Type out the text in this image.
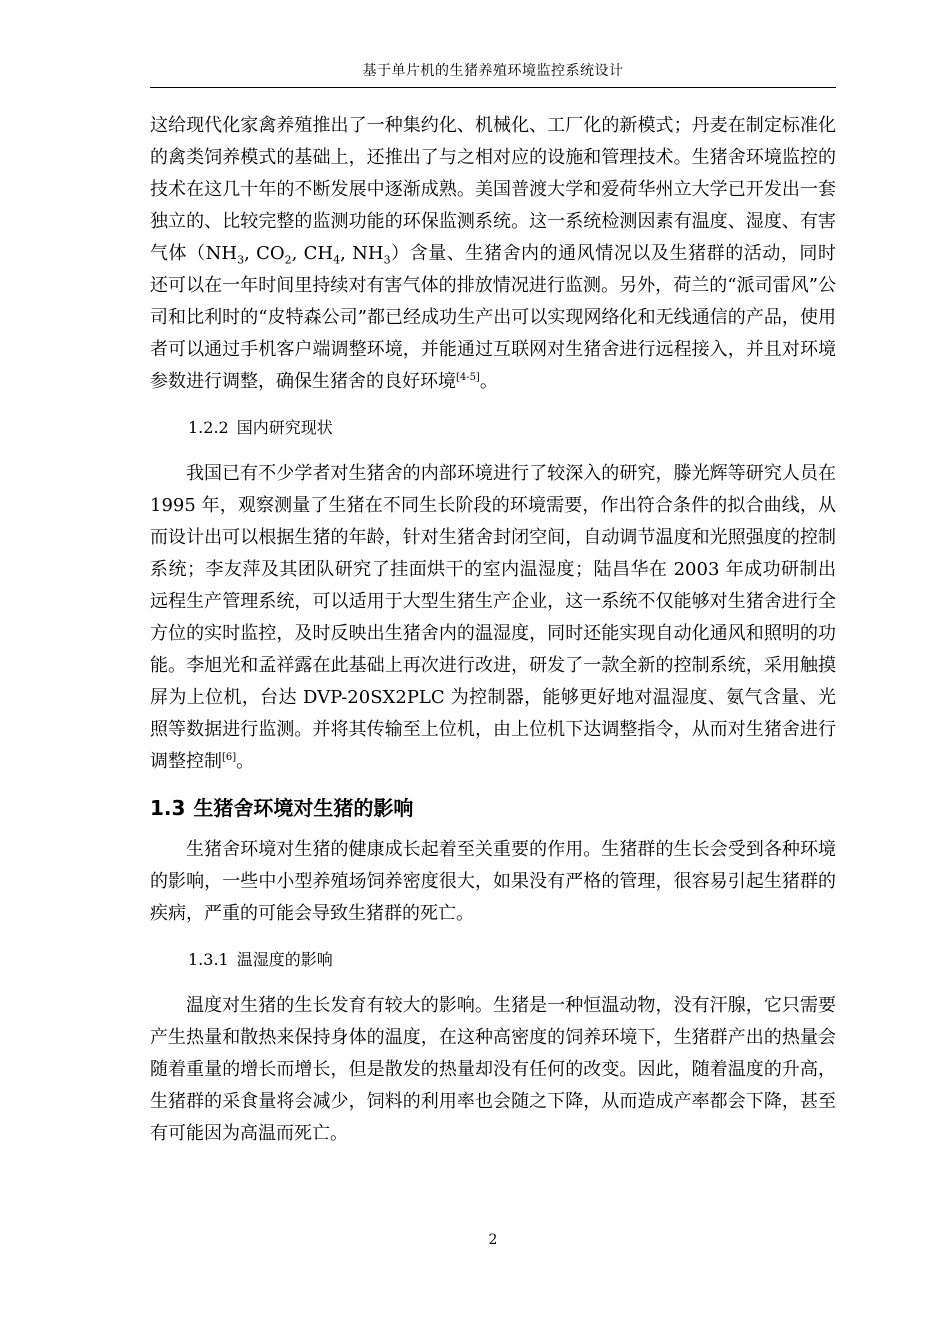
基于单片机的生猪养殖环境监控系统设计

这给现代化家禽养殖推出了一种集约化、机械化、工厂化的新模式；丹麦在制定标准化的禽类饲养模式的基础上，还推出了与之相对应的设施和管理技术。生猪舍环境监控的技术在这几十年的不断发展中逐渐成熟。美国普渡大学和爱荷华州立大学已开发出一套独立的、比较完整的监测功能的环保监测系统。这一系统检测因素有温度、湿度、有害气体（$NH_3$, $CO_2$, $CH_4$, $NH_3$）含量、生猪舍内的通风情况以及生猪群的活动，同时还可以在一年时间里持续对有害气体的排放情况进行监测。另外，荷兰的“派司雷风”公司和比利时的“皮特森公司”都已经成功生产出可以实现网络化和无线通信的产品，使用者可以通过手机客户端调整环境，并能通过互联网对生猪舍进行远程接入，并且对环境参数进行调整，确保生猪舍的良好环境[4-5]。

1.2.2 国内研究现状

我国已有不少学者对生猪舍的内部环境进行了较深入的研究，滕光辉等研究人员在 1995 年，观察测量了生猪在不同生长阶段的环境需要，作出符合条件的拟合曲线，从而设计出可以根据生猪的年龄，针对生猪舍封闭空间，自动调节温度和光照强度的控制系统；李友萍及其团队研究了挂面烘干的室内温湿度；陆昌华在 2003 年成功研制出远程生产管理系统，可以适用于大型生猪生产企业，这一系统不仅能够对生猪舍进行全方位的实时监控，及时反映出生猪舍内的温湿度，同时还能实现自动化通风和照明的功能。李旭光和孟祥露在此基础上再次进行改进，研发了一款全新的控制系统，采用触摸屏为上位机，台达 DVP-20SX2PLC 为控制器，能够更好地对温湿度、氨气含量、光照等数据进行监测。并将其传输至上位机，由上位机下达调整指令，从而对生猪舍进行调整控制[6]。

1.3 生猪舍环境对生猪的影响

生猪舍环境对生猪的健康成长起着至关重要的作用。生猪群的生长会受到各种环境的影响，一些中小型养殖场饲养密度很大，如果没有严格的管理，很容易引起生猪群的疾病，严重的可能会导致生猪群的死亡。

1.3.1 温湿度的影响

温度对生猪的生长发育有较大的影响。生猪是一种恒温动物，没有汗腺，它只需要产生热量和散热来保持身体的温度，在这种高密度的饲养环境下，生猪群产出的热量会随着重量的增长而增长，但是散发的热量却没有任何的改变。因此，随着温度的升高，生猪群的采食量将会减少，饲料的利用率也会随之下降，从而造成产率都会下降，甚至有可能因为高温而死亡。

2
